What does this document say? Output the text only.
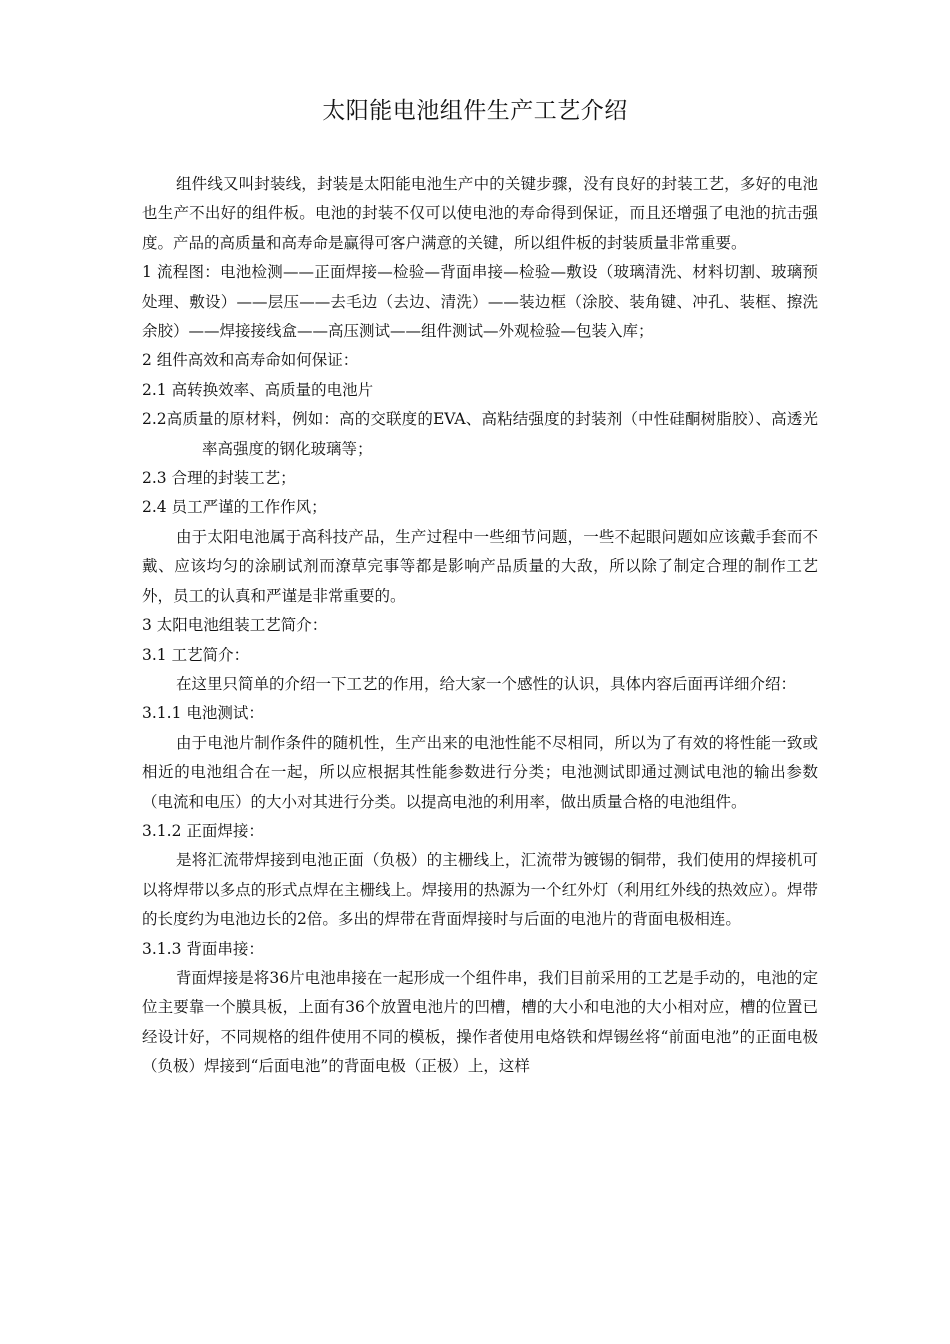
太阳能电池组件生产工艺介绍

组件线又叫封装线，封装是太阳能电池生产中的关键步骤，没有良好的封装工艺，多好的电池也生产不出好的组件板。电池的封装不仅可以使电池的寿命得到保证，而且还增强了电池的抗击强度。产品的高质量和高寿命是赢得可客户满意的关键，所以组件板的封装质量非常重要。

1 流程图：电池检测——正面焊接—检验—背面串接—检验—敷设（玻璃清洗、材料切割、玻璃预处理、敷设）——层压——去毛边（去边、清洗）——装边框（涂胶、装角键、冲孔、装框、擦洗余胶）——焊接接线盒——高压测试——组件测试—外观检验—包装入库；

2 组件高效和高寿命如何保证：

2.1 高转换效率、高质量的电池片

2.2高质量的原材料，例如：高的交联度的EVA、高粘结强度的封装剂（中性硅酮树脂胶）、高透光率高强度的钢化玻璃等；

2.3 合理的封装工艺；

2.4 员工严谨的工作作风；

由于太阳电池属于高科技产品，生产过程中一些细节问题，一些不起眼问题如应该戴手套而不戴、应该均匀的涂刷试剂而潦草完事等都是影响产品质量的大敌，所以除了制定合理的制作工艺外，员工的认真和严谨是非常重要的。

3 太阳电池组装工艺简介：

3.1 工艺简介：

在这里只简单的介绍一下工艺的作用，给大家一个感性的认识，具体内容后面再详细介绍：

3.1.1 电池测试：

由于电池片制作条件的随机性，生产出来的电池性能不尽相同，所以为了有效的将性能一致或相近的电池组合在一起，所以应根据其性能参数进行分类；电池测试即通过测试电池的输出参数（电流和电压）的大小对其进行分类。以提高电池的利用率，做出质量合格的电池组件。

3.1.2 正面焊接：

是将汇流带焊接到电池正面（负极）的主栅线上，汇流带为镀锡的铜带，我们使用的焊接机可以将焊带以多点的形式点焊在主栅线上。焊接用的热源为一个红外灯（利用红外线的热效应）。焊带的长度约为电池边长的2倍。多出的焊带在背面焊接时与后面的电池片的背面电极相连。

3.1.3 背面串接：

背面焊接是将36片电池串接在一起形成一个组件串，我们目前采用的工艺是手动的，电池的定位主要靠一个膜具板，上面有36个放置电池片的凹槽，槽的大小和电池的大小相对应，槽的位置已经设计好，不同规格的组件使用不同的模板，操作者使用电烙铁和焊锡丝将“前面电池”的正面电极（负极）焊接到“后面电池”的背面电极（正极）上，这样
